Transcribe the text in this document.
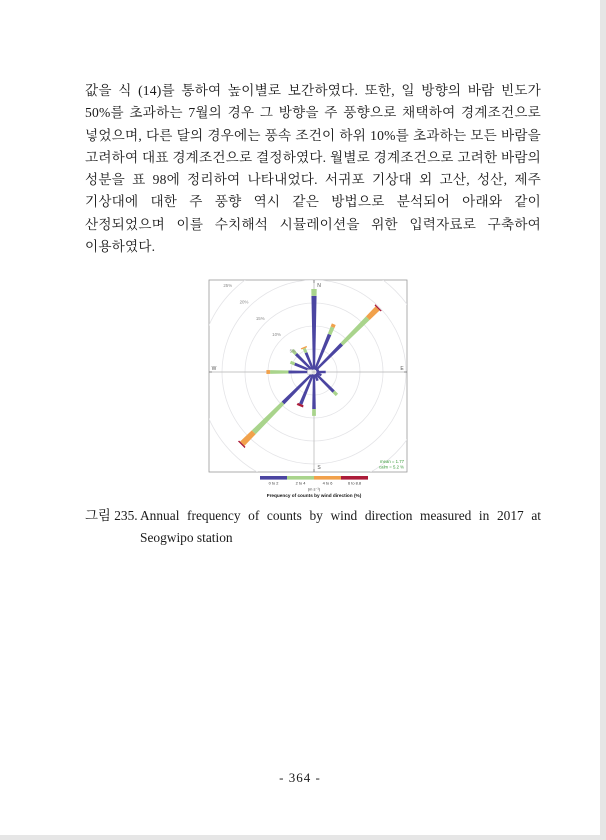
값을 식 (14)를 통하여 높이별로 보간하였다. 또한, 일 방향의 바람 빈도가
50%를 초과하는 7월의 경우 그 방향을 주 풍향으로 채택하여 경계조건으로
넣었으며, 다른 달의 경우에는 풍속 조건이 하위 10%를 초과하는 모든 바람을
고려하여 대표 경계조건으로 결정하였다. 월별로 경계조건으로 고려한 바람의
성분을 표 98에 정리하여 나타내었다. 서귀포 기상대 외 고산, 성산, 제주
기상대에 대한 주 풍향 역시 같은 방법으로 분석되어 아래와 같이
산정되었으며 이를 수치해석 시뮬레이션을 위한 입력자료로 구축하여
이용하였다.
5%
10%
15%
20%
25%	N
E
S
W
mean = 1.77
calm = 5.2 %
0 to 2	2 to 4	4 to 6	6 to 8.8
(m s⁻¹)
Frequency of counts by wind direction (%)
그림 235. Annual frequency of counts by wind direction measured in 2017 at
Seogwipo station
- 364 -
